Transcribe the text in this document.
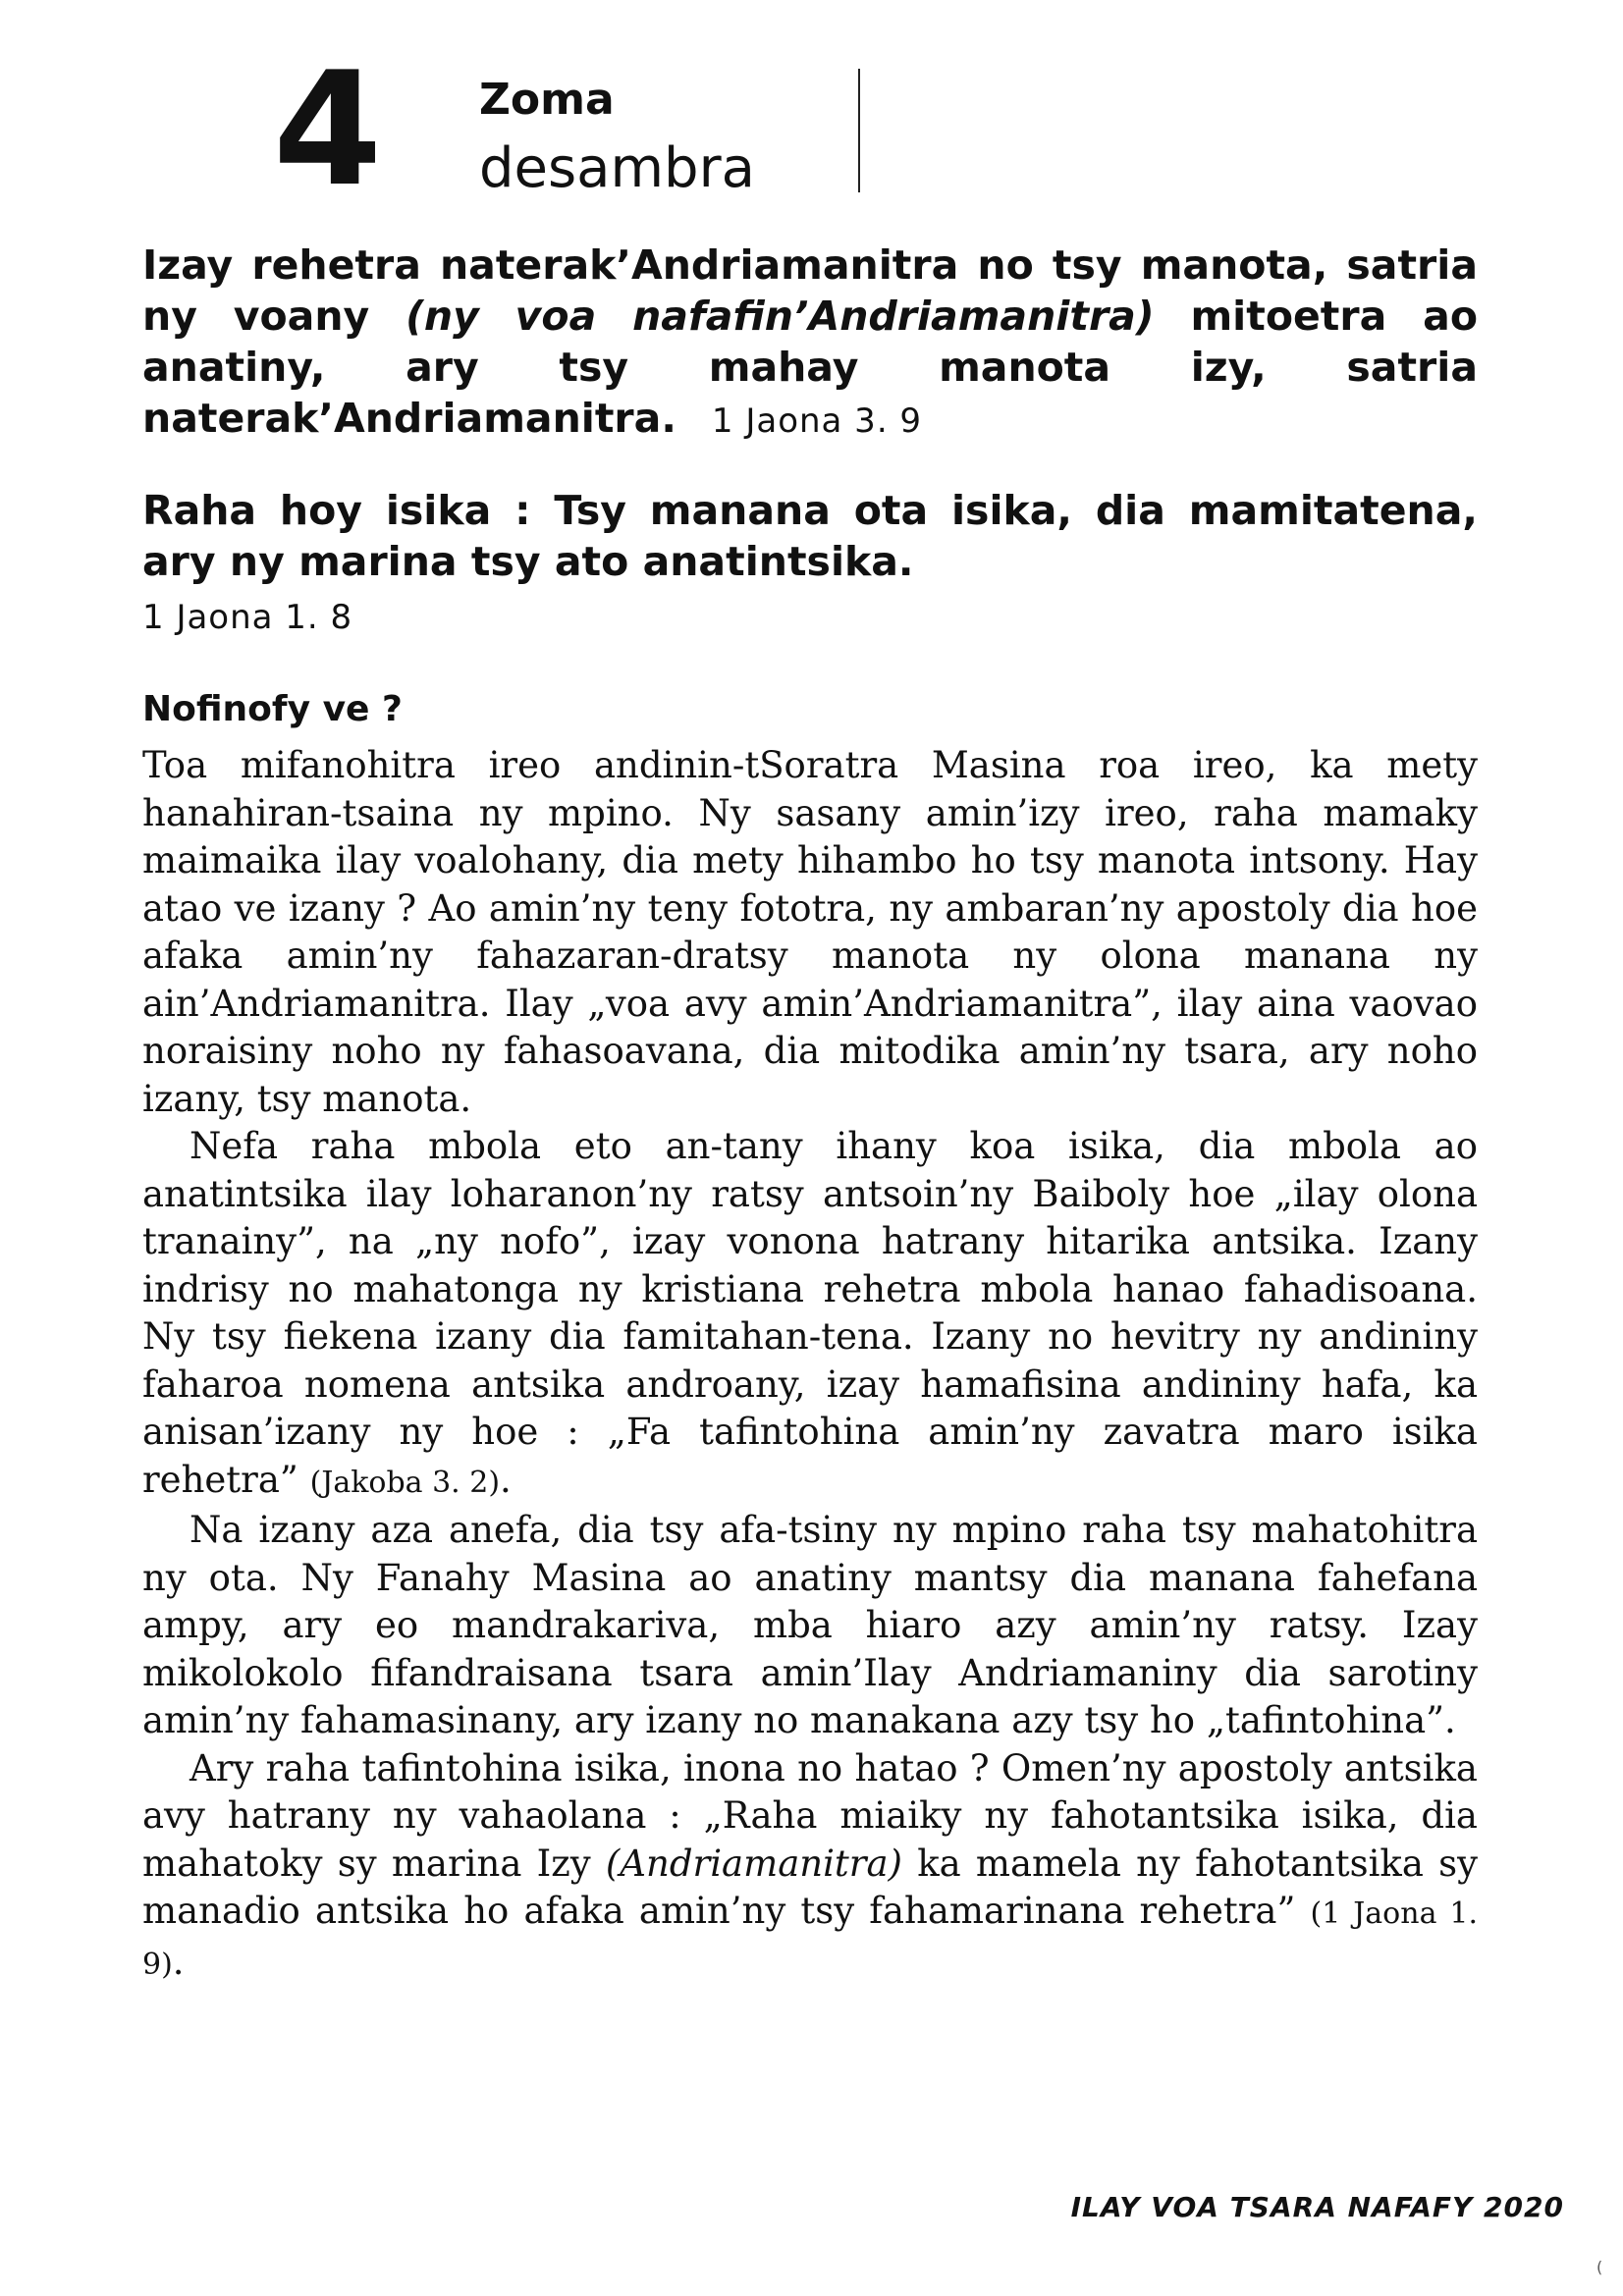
4 Zoma
desambra
Izay rehetra naterak’Andriamanitra no tsy manota, satria ny voany (ny voa nafafin’Andriamanitra) mitoetra ao anatiny, ary tsy mahay manota izy, satria naterak’Andriamanitra. 1 Jaona 3. 9
Raha hoy isika : Tsy manana ota isika, dia mamitatena, ary ny marina tsy ato anatintsika.
1 Jaona 1. 8
Nofinofy ve ?

Toa mifanohitra ireo andinin-tSoratra Masina roa ireo, ka mety hanahiran-tsaina ny mpino. Ny sasany amin’izy ireo, raha mamaky maimaika ilay voalohany, dia mety hihambo ho tsy manota intsony. Hay atao ve izany ? Ao amin’ny teny fototra, ny ambaran’ny apostoly dia hoe afaka amin’ny fahazaran-dratsy manota ny olona manana ny ain’Andriamanitra. Ilay „voa avy amin’Andriamanitra”, ilay aina vaovao noraisiny noho ny fahasoavana, dia mitodika amin’ny tsara, ary noho izany, tsy manota.

Nefa raha mbola eto an-tany ihany koa isika, dia mbola ao anatintsika ilay loharanon’ny ratsy antsoin’ny Baiboly hoe „ilay olona tranainy”, na „ny nofo”, izay vonona hatrany hitarika antsika. Izany indrisy no mahatonga ny kristiana rehetra mbola hanao fahadisoana. Ny tsy fiekena izany dia famitahan-tena. Izany no hevitry ny andininy faharoa nomena antsika androany, izay hamafisina andininy hafa, ka anisan’izany ny hoe : „Fa tafintohina amin’ny zavatra maro isika rehetra” (Jakoba 3. 2).

Na izany aza anefa, dia tsy afa-tsiny ny mpino raha tsy mahatohitra ny ota. Ny Fanahy Masina ao anatiny mantsy dia manana fahefana ampy, ary eo mandrakariva, mba hiaro azy amin’ny ratsy. Izay mikolokolo fifandraisana tsara amin’Ilay Andriamaniny dia sarotiny amin’ny fahamasinany, ary izany no manakana azy tsy ho „tafintohina”.

Ary raha tafintohina isika, inona no hatao ? Omen’ny apostoly antsika avy hatrany ny vahaolana : „Raha miaiky ny fahotantsika isika, dia mahatoky sy marina Izy (Andriamanitra) ka mamela ny fahotantsika sy manadio antsika ho afaka amin’ny tsy fahamarinana rehetra” (1 Jaona 1. 9).

ILAY VOA TSARA NAFAFY 2020
(
